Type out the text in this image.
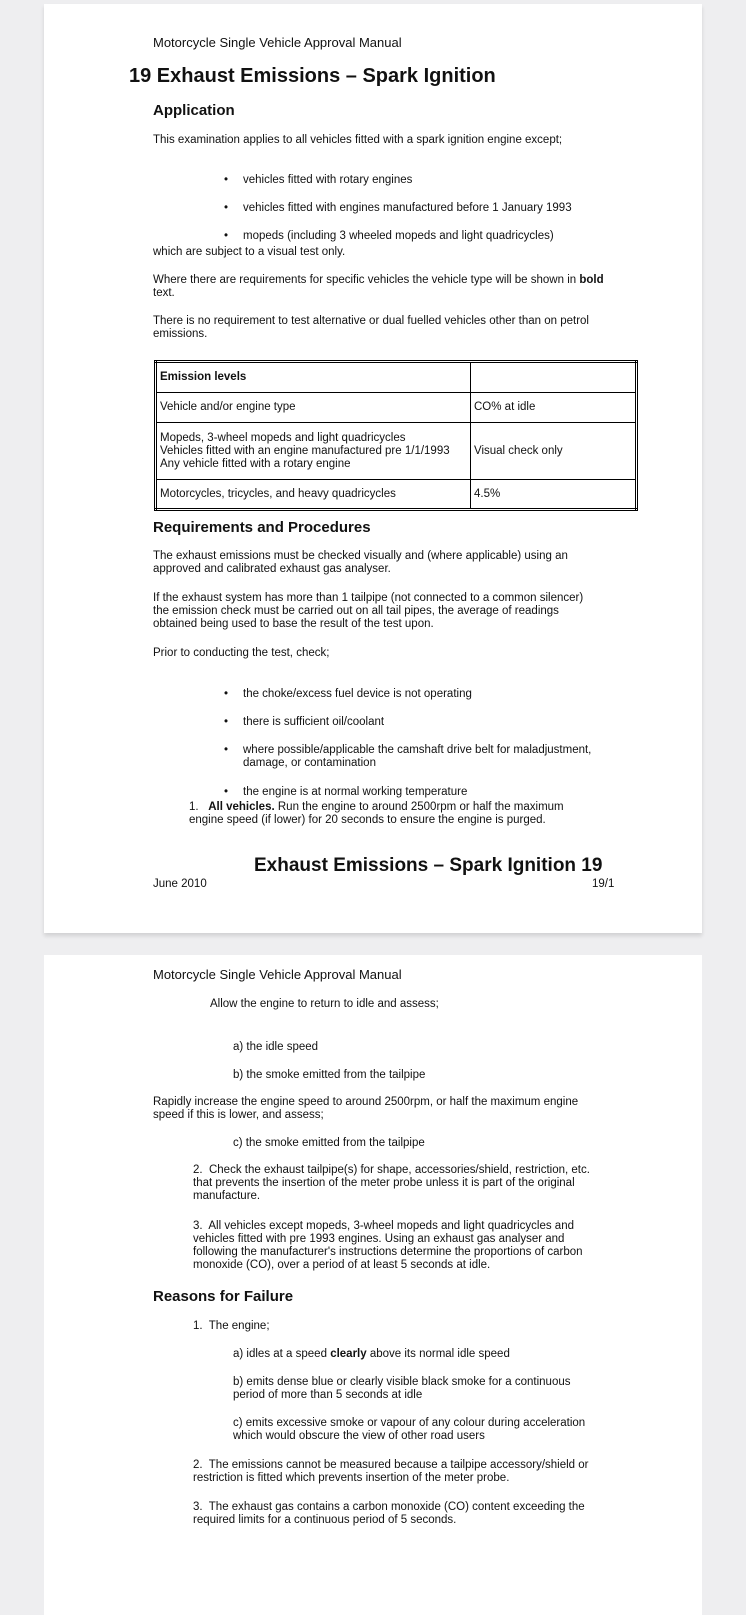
Motorcycle Single Vehicle Approval Manual

19 Exhaust Emissions – Spark Ignition

Application

This examination applies to all vehicles fitted with a spark ignition engine except;

• vehicles fitted with rotary engines

• vehicles fitted with engines manufactured before 1 January 1993

• mopeds (including 3 wheeled mopeds and light quadricycles)

which are subject to a visual test only.

Where there are requirements for specific vehicles the vehicle type will be shown in bold
text.

There is no requirement to test alternative or dual fuelled vehicles other than on petrol emissions.

Emission levels	
Vehicle and/or engine type	CO% at idle
Mopeds, 3-wheel mopeds and light quadricycles
Vehicles fitted with an engine manufactured pre 1/1/1993
Any vehicle fitted with a rotary engine	Visual check only
Motorcycles, tricycles, and heavy quadricycles	4.5%

Requirements and Procedures

The exhaust emissions must be checked visually and (where applicable) using an
approved and calibrated exhaust gas analyser.

If the exhaust system has more than 1 tailpipe (not connected to a common silencer)
the emission check must be carried out on all tail pipes, the average of readings
obtained being used to base the result of the test upon.

Prior to conducting the test, check;

• the choke/excess fuel device is not operating

• there is sufficient oil/coolant

• where possible/applicable the camshaft drive belt for maladjustment,
damage, or contamination

• the engine is at normal working temperature

1. All vehicles. Run the engine to around 2500rpm or half the maximum
engine speed (if lower) for 20 seconds to ensure the engine is purged.

Exhaust Emissions – Spark Ignition 19

June 2010	19/1

Motorcycle Single Vehicle Approval Manual

Allow the engine to return to idle and assess;

a) the idle speed

b) the smoke emitted from the tailpipe

Rapidly increase the engine speed to around 2500rpm, or half the maximum engine
speed if this is lower, and assess;

c) the smoke emitted from the tailpipe

2.  Check the exhaust tailpipe(s) for shape, accessories/shield, restriction, etc.
that prevents the insertion of the meter probe unless it is part of the original
manufacture.

3.  All vehicles except mopeds, 3-wheel mopeds and light quadricycles and
vehicles fitted with pre 1993 engines. Using an exhaust gas analyser and
following the manufacturer's instructions determine the proportions of carbon
monoxide (CO), over a period of at least 5 seconds at idle.

Reasons for Failure

1.  The engine;

a) idles at a speed clearly above its normal idle speed

b) emits dense blue or clearly visible black smoke for a continuous
period of more than 5 seconds at idle

c) emits excessive smoke or vapour of any colour during acceleration
which would obscure the view of other road users

2.  The emissions cannot be measured because a tailpipe accessory/shield or
restriction is fitted which prevents insertion of the meter probe.

3.  The exhaust gas contains a carbon monoxide (CO) content exceeding the
required limits for a continuous period of 5 seconds.
